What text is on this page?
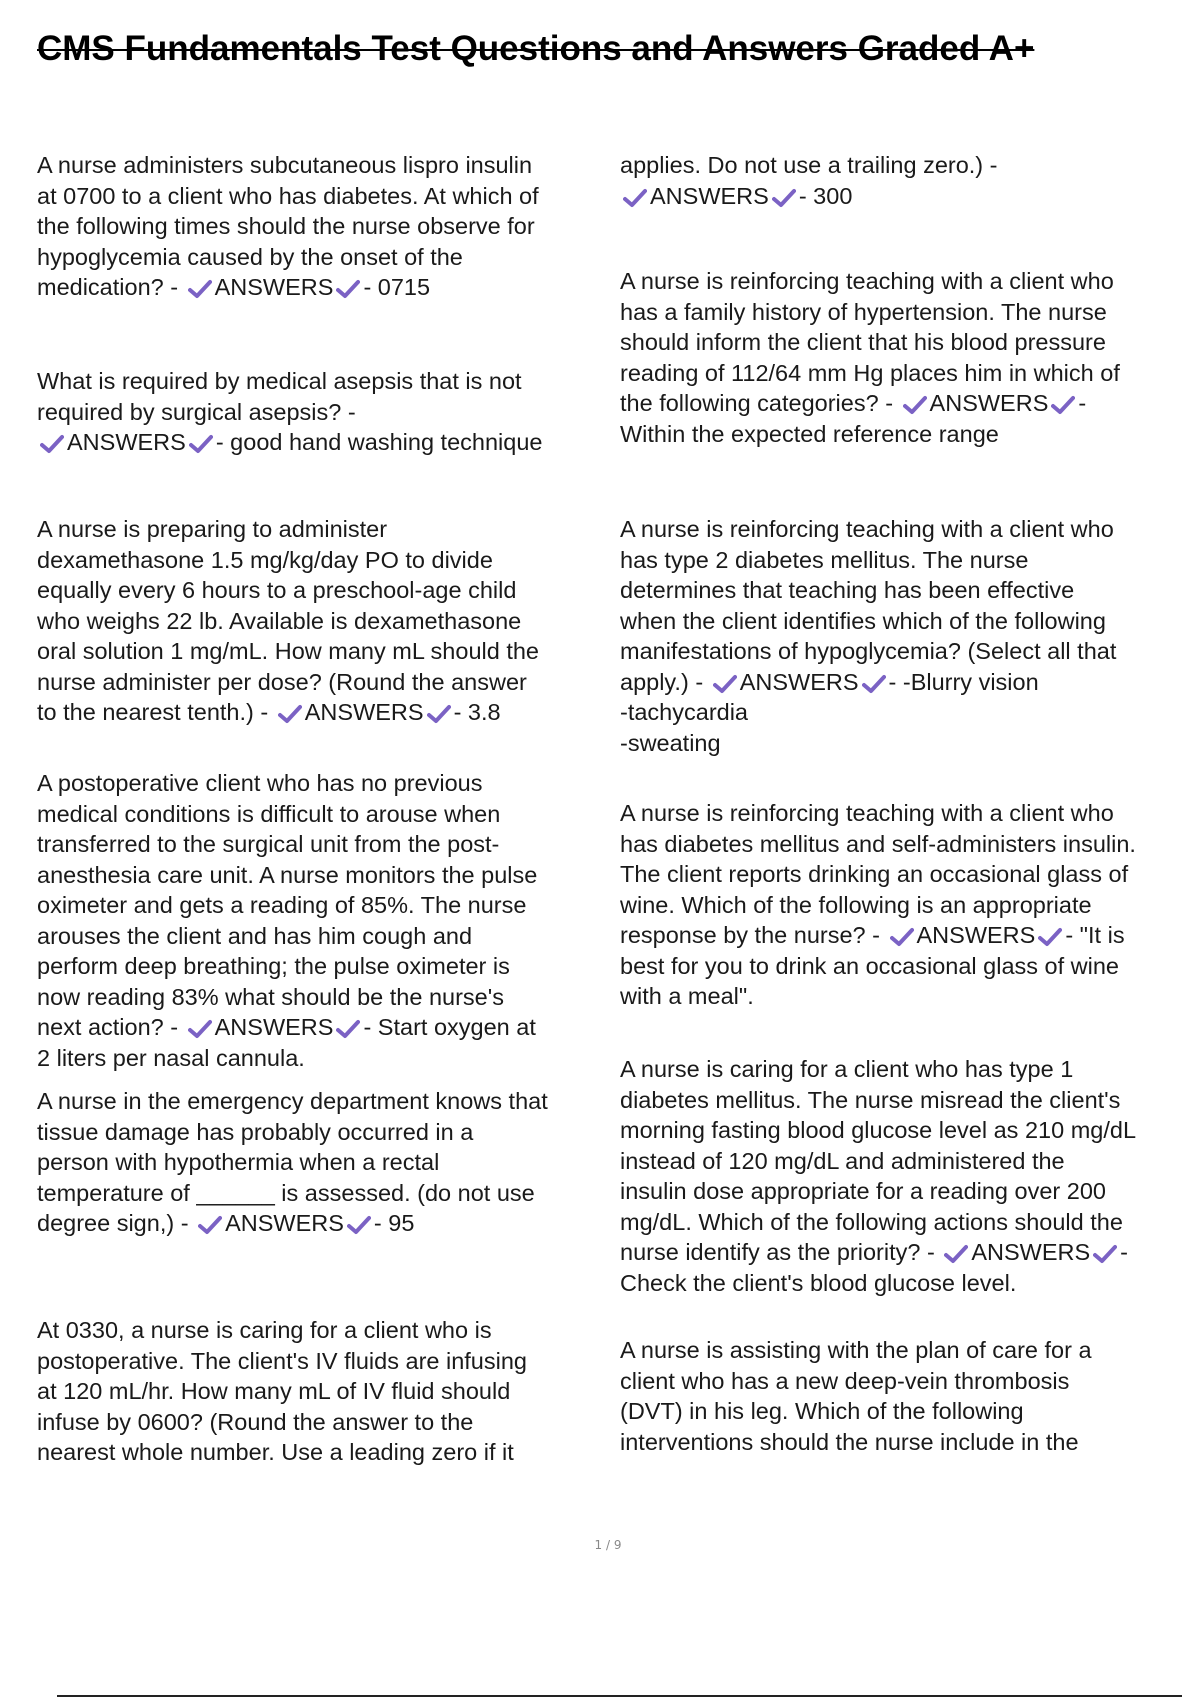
CMS Fundamentals Test Questions and Answers Graded A+
A nurse administers subcutaneous lispro insulin
at 0700 to a client who has diabetes. At which of
the following times should the nurse observe for
hypoglycemia caused by the onset of the
medication? - ANSWERS - 0715
What is required by medical asepsis that is not
required by surgical asepsis? -
ANSWERS - good hand washing technique
A nurse is preparing to administer
dexamethasone 1.5 mg/kg/day PO to divide
equally every 6 hours to a preschool-age child
who weighs 22 lb. Available is dexamethasone
oral solution 1 mg/mL. How many mL should the
nurse administer per dose? (Round the answer
to the nearest tenth.) - ANSWERS - 3.8
A postoperative client who has no previous
medical conditions is difficult to arouse when
transferred to the surgical unit from the post-
anesthesia care unit. A nurse monitors the pulse
oximeter and gets a reading of 85%. The nurse
arouses the client and has him cough and
perform deep breathing; the pulse oximeter is
now reading 83% what should be the nurse's
next action? - ANSWERS - Start oxygen at
2 liters per nasal cannula.
A nurse in the emergency department knows that
tissue damage has probably occurred in a
person with hypothermia when a rectal
temperature of ______ is assessed. (do not use
degree sign,) - ANSWERS - 95
At 0330, a nurse is caring for a client who is
postoperative. The client's IV fluids are infusing
at 120 mL/hr. How many mL of IV fluid should
infuse by 0600? (Round the answer to the
nearest whole number. Use a leading zero if it
applies. Do not use a trailing zero.) -
ANSWERS - 300
A nurse is reinforcing teaching with a client who
has a family history of hypertension. The nurse
should inform the client that his blood pressure
reading of 112/64 mm Hg places him in which of
the following categories? - ANSWERS -
Within the expected reference range
A nurse is reinforcing teaching with a client who
has type 2 diabetes mellitus. The nurse
determines that teaching has been effective
when the client identifies which of the following
manifestations of hypoglycemia? (Select all that
apply.) - ANSWERS - -Blurry vision
-tachycardia
-sweating
A nurse is reinforcing teaching with a client who
has diabetes mellitus and self-administers insulin.
The client reports drinking an occasional glass of
wine. Which of the following is an appropriate
response by the nurse? - ANSWERS - "It is
best for you to drink an occasional glass of wine
with a meal".
A nurse is caring for a client who has type 1
diabetes mellitus. The nurse misread the client's
morning fasting blood glucose level as 210 mg/dL
instead of 120 mg/dL and administered the
insulin dose appropriate for a reading over 200
mg/dL. Which of the following actions should the
nurse identify as the priority? - ANSWERS -
Check the client's blood glucose level.
A nurse is assisting with the plan of care for a
client who has a new deep-vein thrombosis
(DVT) in his leg. Which of the following
interventions should the nurse include in the
1 / 9
